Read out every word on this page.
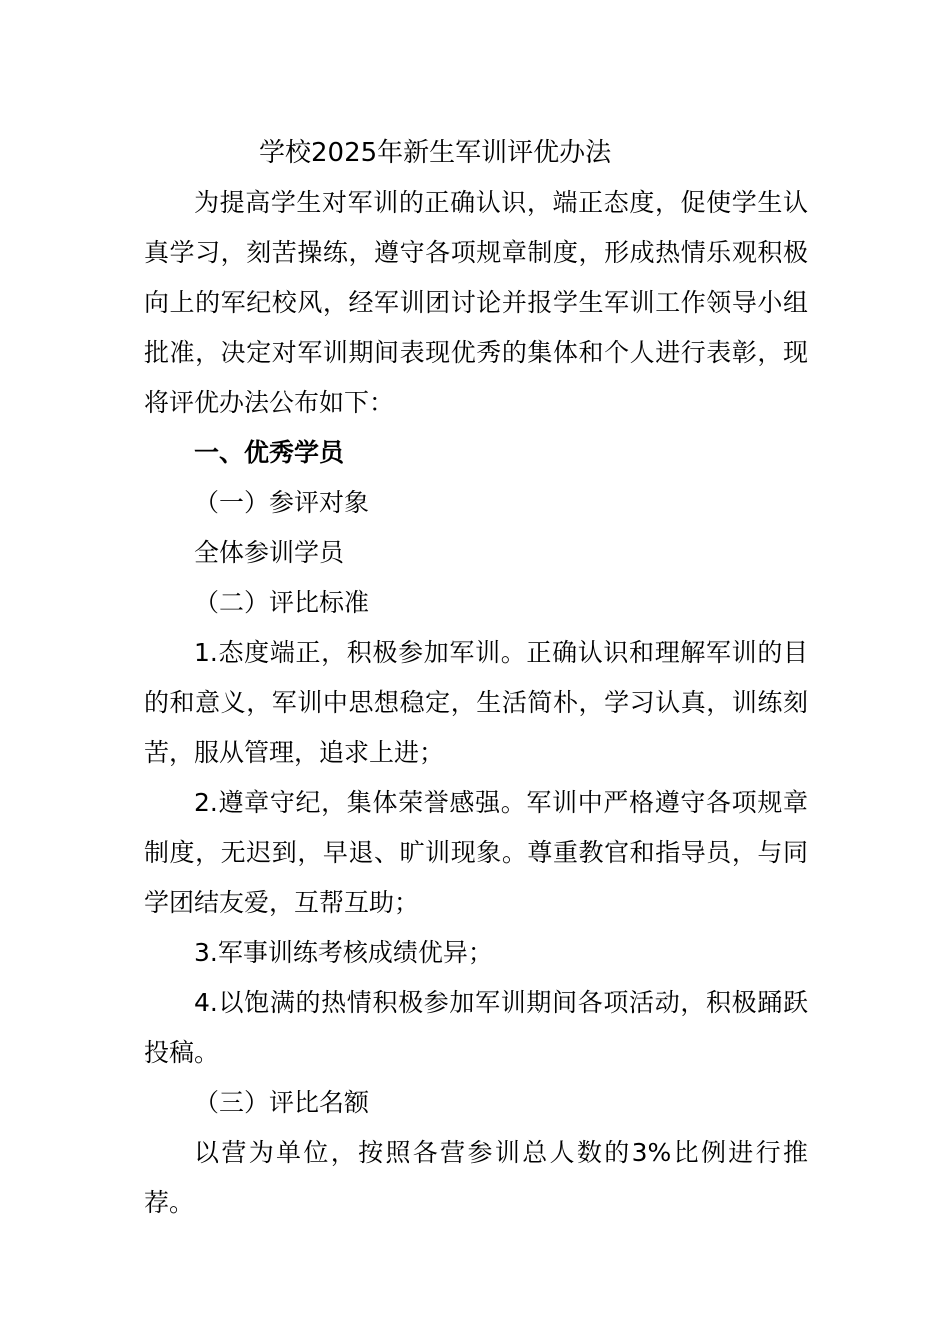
学校2025年新生军训评优办法

为提高学生对军训的正确认识，端正态度，促使学生认真学习，刻苦操练，遵守各项规章制度，形成热情乐观积极向上的军纪校风，经军训团讨论并报学生军训工作领导小组批准，决定对军训期间表现优秀的集体和个人进行表彰，现将评优办法公布如下：

一、优秀学员

（一）参评对象

全体参训学员

（二）评比标准

1.态度端正，积极参加军训。正确认识和理解军训的目的和意义，军训中思想稳定，生活简朴，学习认真，训练刻苦，服从管理，追求上进；

2.遵章守纪，集体荣誉感强。军训中严格遵守各项规章制度，无迟到，早退、旷训现象。尊重教官和指导员，与同学团结友爱，互帮互助；

3.军事训练考核成绩优异；

4.以饱满的热情积极参加军训期间各项活动，积极踊跃投稿。

（三）评比名额

以营为单位，按照各营参训总人数的3%比例进行推荐。
